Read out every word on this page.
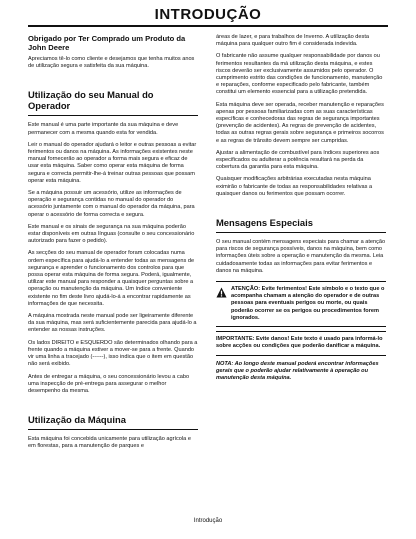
INTRODUÇÃO
Obrigado por Ter Comprado um Produto da John Deere

Apreciamos tê-lo como cliente e desejamos que tenha muitos anos de utilização segura e satisfeita da sua máquina.

Utilização do seu Manual do Operador

Este manual é uma parte importante da sua máquina e deve permanecer com a mesma quando esta for vendida.

Leir o manual do operador ajudará o leitor e outras pessoas a evitar ferimentos ou danos na máquina. As informações existentes neste manual fornecerão ao operador a forma mais segura e eficaz de usar esta máquina. Saber como operar esta máquina de forma segura e correcta permitir-lhe-á treinar outras pessoas que possam operar esta máquina.

Se a máquina possuir um acessório, utilize as informações de operação e segurança contidas no manual do operador do acessório juntamente com o manual do operador da máquina, para operar o acessório de forma correcta e segura.

Este manual e os sinais de segurança na sua máquina poderão estar disponíveis em outras línguas (consulte o seu concessionário autorizado para fazer o pedido).

As secções do seu manual de operador foram colocadas numa ordem específica para ajudá-lo a entender todas as mensagens de segurança e aprender o funcionamento dos controlos para que possa operar esta máquina de forma segura. Poderá, igualmente, utilizar este manual para responder a quaisquer perguntas sobre a operação ou manutenção da máquina. Um índice conveniente existente no fim deste livro ajudá-lo-á a encontrar rapidamente as informações de que necessita.

A máquina mostrada neste manual pode ser ligeiramente diferente da sua máquina, mas será suficientemente parecida para ajudá-lo a entender as nossas instruções.

Os lados DIREITO e ESQUERDO são determinados olhando para a frente quando a máquina estiver a mover-se para a frente. Quando vir uma linha a tracejado (------), isso indica que o item em questão não será exibido.

Antes de entregar a máquina, o seu concessionário levou a cabo uma inspecção de pré-entrega para assegurar o melhor desempenho da mesma.

Utilização da Máquina

Esta máquina foi concebida unicamente para utilização agrícola e em florestas, para a manutenção de parques e

áreas de lazer, e para trabalhos de Inverno. A utilização desta máquina para qualquer outro fim é considerada indevida.

O fabricante não assume qualquer responsabilidade por danos ou ferimentos resultantes da má utilização desta máquina, e estes riscos deverão ser exclusivamente assumidos pelo operador. O cumprimento estrito das condições de funcionamento, manutenção e reparações, conforme especificado pelo fabricante, também constitui um elemento essencial para a utilização pretendida.

Esta máquina deve ser operada, receber manutenção e reparações apenas por pessoas familiarizadas com as suas características específicas e conhecedoras das regras de segurança importantes (prevenção de acidentes). As regras de prevenção de acidentes, todas as outras regras gerais sobre segurança e primeiros socorros e as regras de trânsito devem sempre ser cumpridas.

Ajustar a alimentação de combustível para índices superiores aos especificados ou adulterar a potência resultará na perda da cobertura da garantia para esta máquina.

Quaisquer modificações arbitrárias executadas nesta máquina eximirão o fabricante de todas as responsabilidades relativas a quaisquer danos ou ferimentos que possam ocorrer.

Mensagens Especiais

O seu manual contém mensagens especiais para chamar a atenção para riscos de segurança possíveis, danos na máquina, bem como informações úteis sobre a operação e manutenção da mesma. Leia cuidadosamente todas as informações para evitar ferimentos e danos na máquina.

ATENÇÃO: Evite ferimentos! Este símbolo e o texto que o acompanha chamam a atenção do operador e de outras pessoas para eventuais perigos ou morte, ou quais poderão ocorrer se os perigos ou procedimentos forem ignorados.
IMPORTANTE: Evite danos! Este texto é usado para informá-lo sobre acções ou condições que poderão danificar a máquina.

NOTA: Ao longo deste manual poderá encontrar informações gerais que o poderão ajudar relativamente à operação ou manutenção desta máquina.

Introdução
